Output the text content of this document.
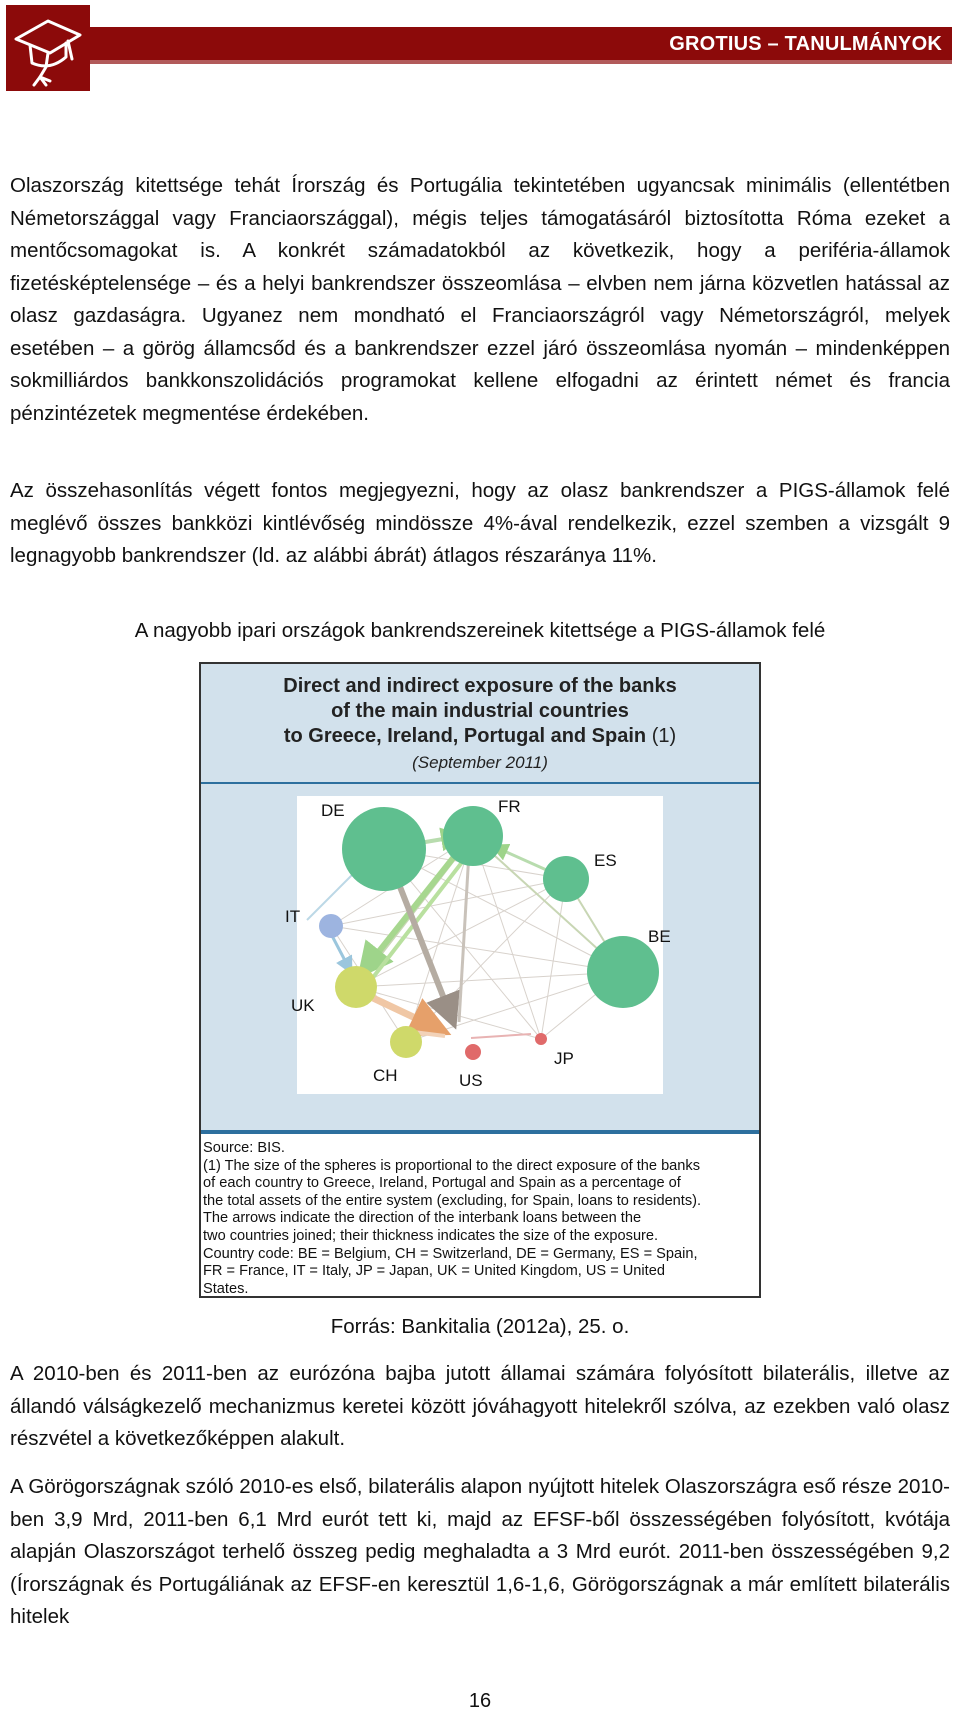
GROTIUS – TANULMÁNYOK
Olaszország kitettsége tehát Írország és Portugália tekintetében ugyancsak minimális (ellentétben Németországgal vagy Franciaországgal), mégis teljes támogatásáról biztosította Róma ezeket a mentőcsomagokat is. A konkrét számadatokból az következik, hogy a periféria-államok fizetésképtelensége – és a helyi bankrendszer összeomlása – elvben nem járna közvetlen hatással az olasz gazdaságra. Ugyanez nem mondható el Franciaországról vagy Németországról, melyek esetében – a görög államcsőd és a bankrendszer ezzel járó összeomlása nyomán – mindenképpen sokmilliárdos bankkonszolidációs programokat kellene elfogadni az érintett német és francia pénzintézetek megmentése érdekében.
Az összehasonlítás végett fontos megjegyezni, hogy az olasz bankrendszer a PIGS-államok felé meglévő összes bankközi kintlévőség mindössze 4%-ával rendelkezik, ezzel szemben a vizsgált 9 legnagyobb bankrendszer (ld. az alábbi ábrát) átlagos részaránya 11%.
A nagyobb ipari országok bankrendszereinek kitettsége a PIGS-államok felé
Direct and indirect exposure of the banks
of the main industrial countries
to Greece, Ireland, Portugal and Spain (1)
(September 2011)
DE	FR
ES
BE
IT
UK
CH	US
JP
Source: BIS.
(1) The size of the spheres is proportional to the direct exposure of the banks
of each country to Greece, Ireland, Portugal and Spain as a percentage of
the total assets of the entire system (excluding, for Spain, loans to residents).
The arrows indicate the direction of the interbank loans between the
two countries joined; their thickness indicates the size of the exposure.
Country code: BE = Belgium, CH = Switzerland, DE = Germany, ES = Spain,
FR = France, IT = Italy, JP = Japan, UK = United Kingdom, US = United
States.
Forrás: Bankitalia (2012a), 25. o.
A 2010-ben és 2011-ben az eurózóna bajba jutott államai számára folyósított bilaterális, illetve az állandó válságkezelő mechanizmus keretei között jóváhagyott hitelekről szólva, az ezekben való olasz részvétel a következőképpen alakult.
A Görögországnak szóló 2010-es első, bilaterális alapon nyújtott hitelek Olaszországra eső része 2010-ben 3,9 Mrd, 2011-ben 6,1 Mrd eurót tett ki, majd az EFSF-ből összességében folyósított, kvótája alapján Olaszországot terhelő összeg pedig meghaladta a 3 Mrd eurót. 2011-ben összességében 9,2 (Írországnak és Portugáliának az EFSF-en keresztül 1,6-1,6, Görögországnak a már említett bilaterális hitelek
16
